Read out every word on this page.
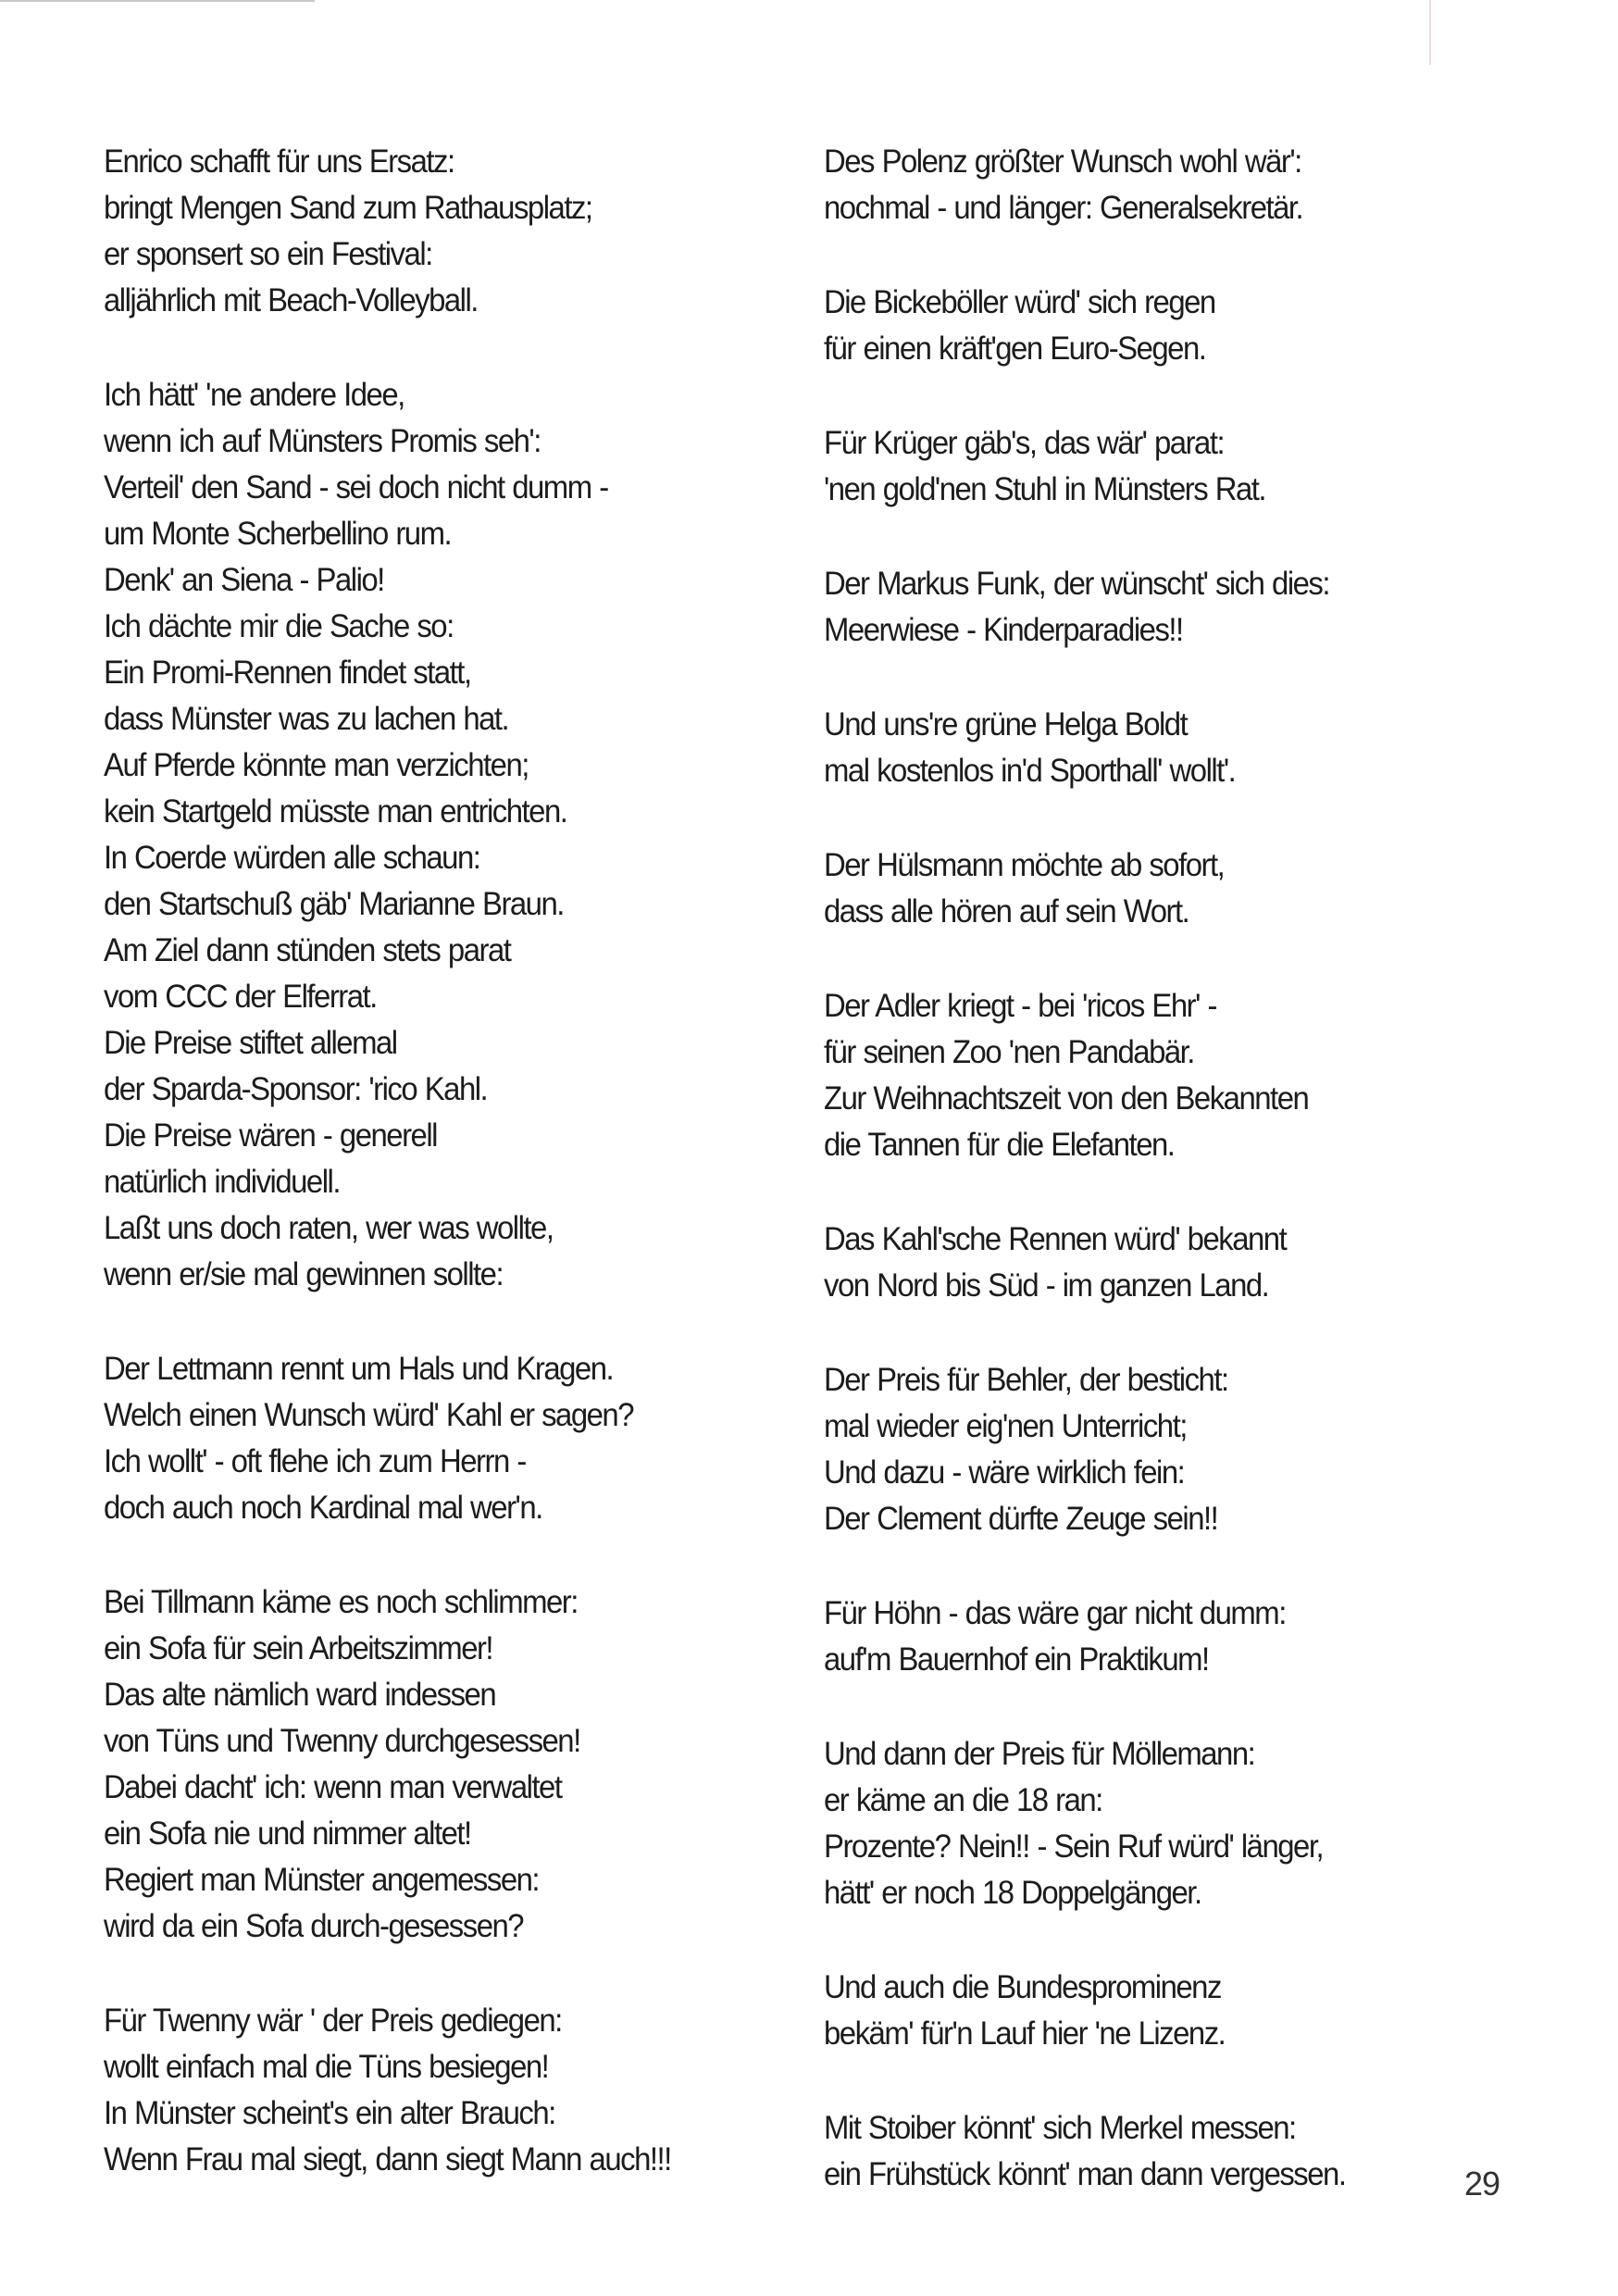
Enrico schafft für uns Ersatz:
bringt Mengen Sand zum Rathausplatz;
er sponsert so ein Festival:
alljährlich mit Beach-Volleyball.
Ich hätt' 'ne andere Idee,
wenn ich auf Münsters Promis seh':
Verteil' den Sand - sei doch nicht dumm -
um Monte Scherbellino rum.
Denk' an Siena - Palio!
Ich dächte mir die Sache so:
Ein Promi-Rennen findet statt,
dass Münster was zu lachen hat.
Auf Pferde könnte man verzichten;
kein Startgeld müsste man entrichten.
In Coerde würden alle schaun:
den Startschuß gäb' Marianne Braun.
Am Ziel dann stünden stets parat
vom CCC der Elferrat.
Die Preise stiftet allemal
der Sparda-Sponsor: 'rico Kahl.
Die Preise wären - generell
natürlich individuell.
Laßt uns doch raten, wer was wollte,
wenn er/sie mal gewinnen sollte:
Der Lettmann rennt um Hals und Kragen.
Welch einen Wunsch würd' Kahl er sagen?
Ich wollt' - oft flehe ich zum Herrn -
doch auch noch Kardinal mal wer'n.
Bei Tillmann käme es noch schlimmer:
ein Sofa für sein Arbeitszimmer!
Das alte nämlich ward indessen
von Tüns und Twenny durchgesessen!
Dabei dacht' ich: wenn man verwaltet
ein Sofa nie und nimmer altet!
Regiert man Münster angemessen:
wird da ein Sofa durch-gesessen?
Für Twenny wär ' der Preis gediegen:
wollt einfach mal die Tüns besiegen!
In Münster scheint's ein alter Brauch:
Wenn Frau mal siegt, dann siegt Mann auch!!!
Des Polenz größter Wunsch wohl wär':
nochmal - und länger: Generalsekretär.
Die Bickeböller würd' sich regen
für einen kräft'gen Euro-Segen.
Für Krüger gäb's, das wär' parat:
'nen gold'nen Stuhl in Münsters Rat.
Der Markus Funk, der wünscht' sich dies:
Meerwiese - Kinderparadies!!
Und uns're grüne Helga Boldt
mal kostenlos in'd Sporthall' wollt'.
Der Hülsmann möchte ab sofort,
dass alle hören auf sein Wort.
Der Adler kriegt - bei 'ricos Ehr' -
für seinen Zoo 'nen Pandabär.
Zur Weihnachtszeit von den Bekannten
die Tannen für die Elefanten.
Das Kahl'sche Rennen würd' bekannt
von Nord bis Süd - im ganzen Land.
Der Preis für Behler, der besticht:
mal wieder eig'nen Unterricht;
Und dazu - wäre wirklich fein:
Der Clement dürfte Zeuge sein!!
Für Höhn - das wäre gar nicht dumm:
auf'm Bauernhof ein Praktikum!
Und dann der Preis für Möllemann:
er käme an die 18 ran:
Prozente? Nein!! - Sein Ruf würd' länger,
hätt' er noch 18 Doppelgänger.
Und auch die Bundesprominenz
bekäm' für'n Lauf hier 'ne Lizenz.
Mit Stoiber könnt' sich Merkel messen:
ein Frühstück könnt' man dann vergessen.	29
